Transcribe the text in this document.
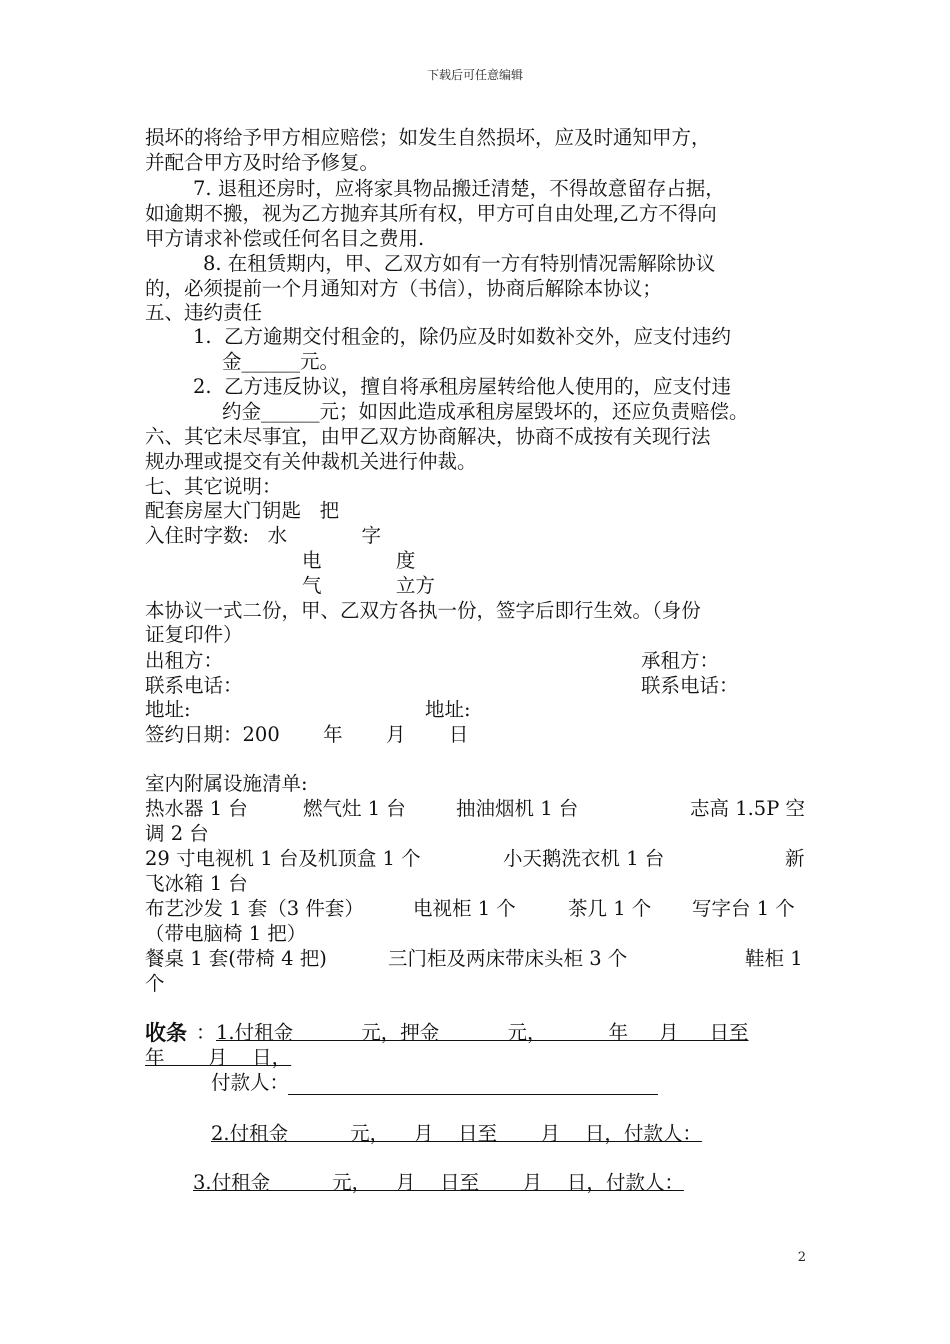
下载后可任意编辑
损坏的将给予甲方相应赔偿；如发生自然损坏，应及时通知甲方，
并配合甲方及时给予修复。
7. 退租还房时，应将家具物品搬迁清楚，不得故意留存占据，
如逾期不搬，视为乙方抛弃其所有权，甲方可自由处理,乙方不得向
甲方请求补偿或任何名目之费用.
8. 在租赁期内，甲、乙双方如有一方有特别情况需解除协议
的，必须提前一个月通知对方（书信），协商后解除本协议；
五、违约责任
1.  乙方逾期交付租金的，除仍应及时如数补交外，应支付违约
金______元。
2.  乙方违反协议，擅自将承租房屋转给他人使用的，应支付违
约金______元；如因此造成承租房屋毁坏的，还应负责赔偿。
六、其它未尽事宜，由甲乙双方协商解决，协商不成按有关现行法
规办理或提交有关仲裁机关进行仲裁。
七、其它说明：
配套房屋大门钥匙   把
入住时字数:   水            字
电            度
气            立方
本协议一式二份，甲、乙双方各执一份，签字后即行生效。（身份
证复印件）
出租方：	承租方：
联系电话：	联系电话：
地址:	地址:
签约日期：200       年       月       日
室内附属设施清单:
热水器 1 台	燃气灶 1 台	抽油烟机 1 台	志高 1.5P 空
调 2 台
29 寸电视机 1 台及机顶盒 1 个	小天鹅洗衣机 1 台	新
飞冰箱 1 台
布艺沙发 1 套（3 件套）	电视柜 1 个	茶几 1 个 写字台 1 个
（带电脑椅 1 把）
餐桌 1 套(带椅 4 把)	三门柜及两床带床头柜 3 个	鞋柜 1
个
收条 ： 1.付租金           元，押金           元，          年     月     日至
年       月    日，
付款人：
2.付租金          元，    月    日至       月    日，付款人：
3.付租金          元，    月    日至       月    日，付款人：
2
